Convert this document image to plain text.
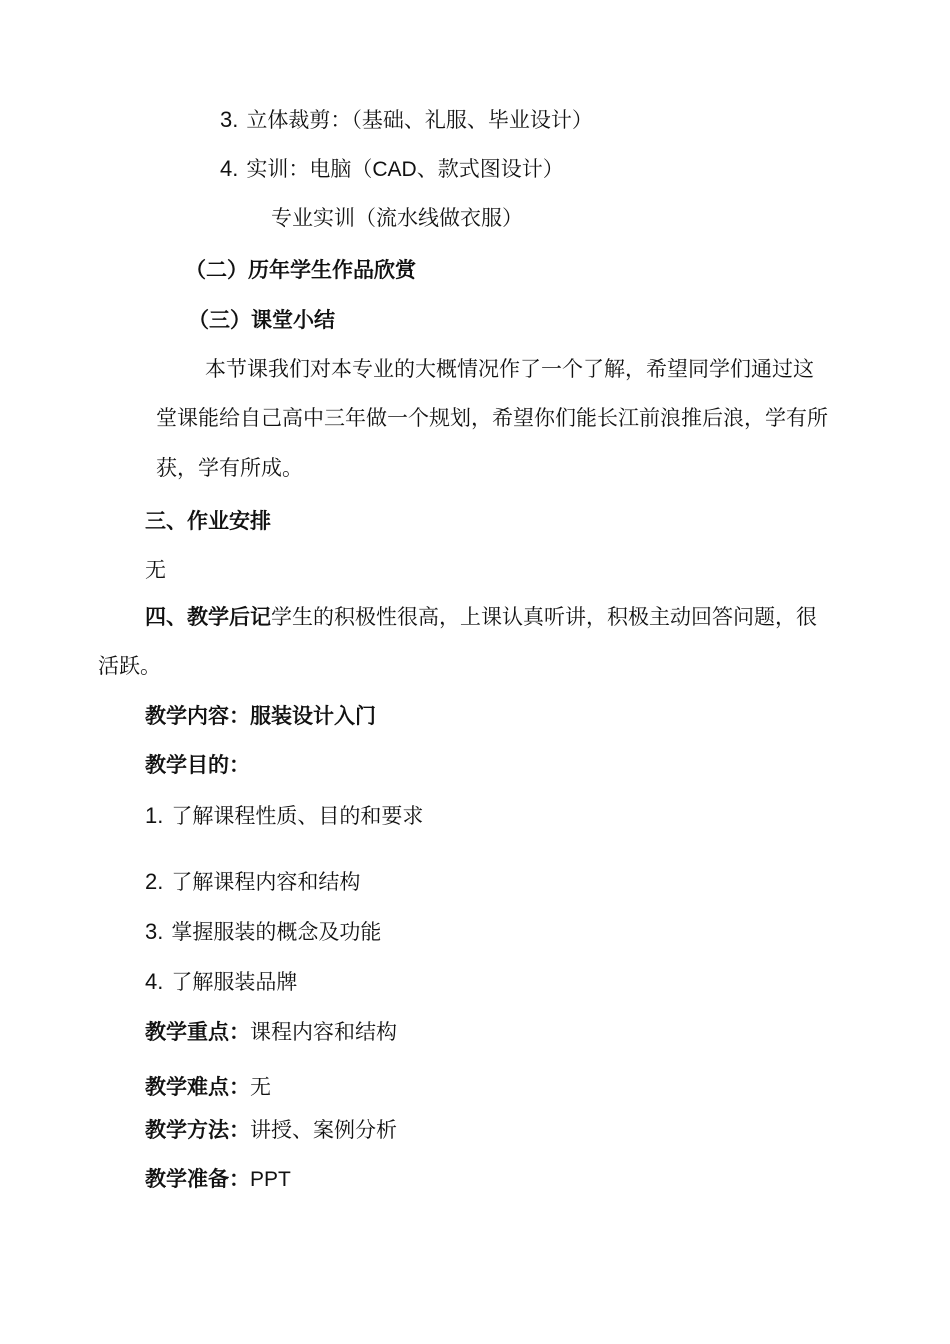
3. 立体裁剪：（基础、礼服、毕业设计）
4. 实训：电脑（CAD、款式图设计）
专业实训（流水线做衣服）
（二）历年学生作品欣赏
（三）课堂小结
本节课我们对本专业的大概情况作了一个了解，希望同学们通过这
堂课能给自己高中三年做一个规划，希望你们能长江前浪推后浪，学有所
获，学有所成。
三、作业安排
无
四、教学后记学生的积极性很高，上课认真听讲，积极主动回答问题，很
活跃。
教学内容：服装设计入门
教学目的：
1. 了解课程性质、目的和要求
2. 了解课程内容和结构
3. 掌握服装的概念及功能
4. 了解服装品牌
教学重点：课程内容和结构
教学难点：无
教学方法：讲授、案例分析
教学准备：PPT
